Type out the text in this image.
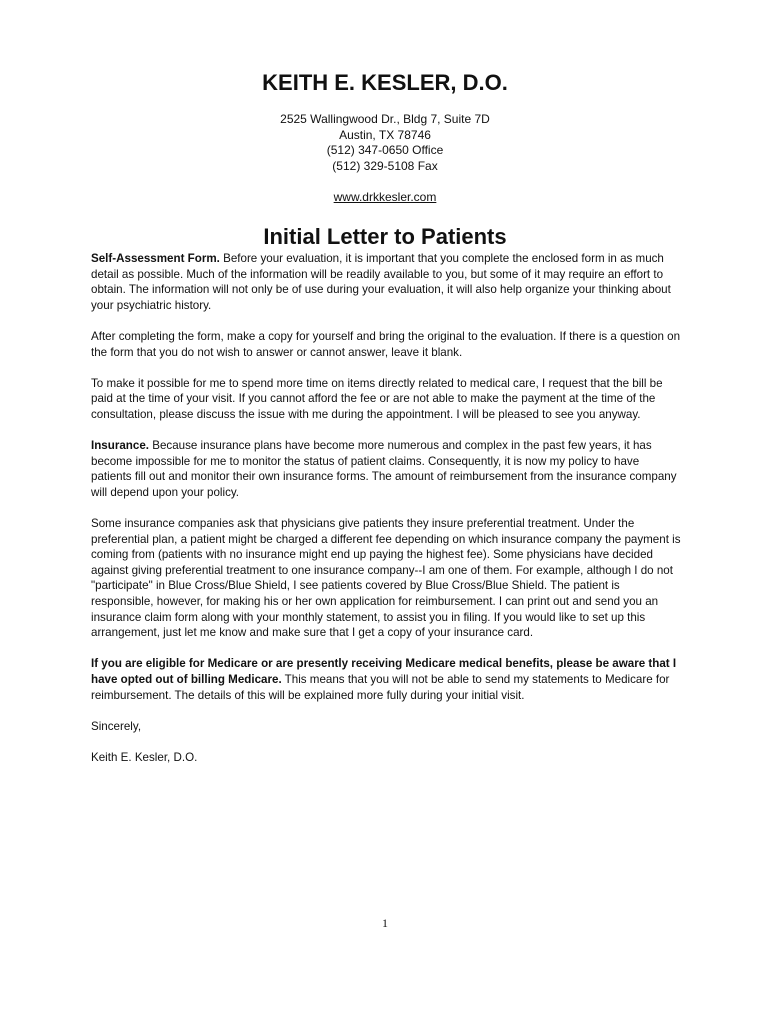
KEITH E. KESLER, D.O.
2525 Wallingwood Dr., Bldg 7, Suite 7D
Austin, TX 78746
(512) 347-0650 Office
(512) 329-5108 Fax
www.drkkesler.com
Initial Letter to Patients

Self-Assessment Form. Before your evaluation, it is important that you complete the enclosed form in as much detail as possible. Much of the information will be readily available to you, but some of it may require an effort to obtain. The information will not only be of use during your evaluation, it will also help organize your thinking about your psychiatric history.

After completing the form, make a copy for yourself and bring the original to the evaluation. If there is a question on the form that you do not wish to answer or cannot answer, leave it blank.

To make it possible for me to spend more time on items directly related to medical care, I request that the bill be paid at the time of your visit. If you cannot afford the fee or are not able to make the payment at the time of the consultation, please discuss the issue with me during the appointment. I will be pleased to see you anyway.

Insurance. Because insurance plans have become more numerous and complex in the past few years, it has become impossible for me to monitor the status of patient claims. Consequently, it is now my policy to have patients fill out and monitor their own insurance forms. The amount of reimbursement from the insurance company will depend upon your policy.

Some insurance companies ask that physicians give patients they insure preferential treatment. Under the preferential plan, a patient might be charged a different fee depending on which insurance company the payment is coming from (patients with no insurance might end up paying the highest fee). Some physicians have decided against giving preferential treatment to one insurance company--I am one of them. For example, although I do not "participate" in Blue Cross/Blue Shield, I see patients covered by Blue Cross/Blue Shield. The patient is responsible, however, for making his or her own application for reimbursement. I can print out and send you an insurance claim form along with your monthly statement, to assist you in filing. If you would like to set up this arrangement, just let me know and make sure that I get a copy of your insurance card.

If you are eligible for Medicare or are presently receiving Medicare medical benefits, please be aware that I have opted out of billing Medicare. This means that you will not be able to send my statements to Medicare for reimbursement. The details of this will be explained more fully during your initial visit.

Sincerely,

Keith E. Kesler, D.O.

1
